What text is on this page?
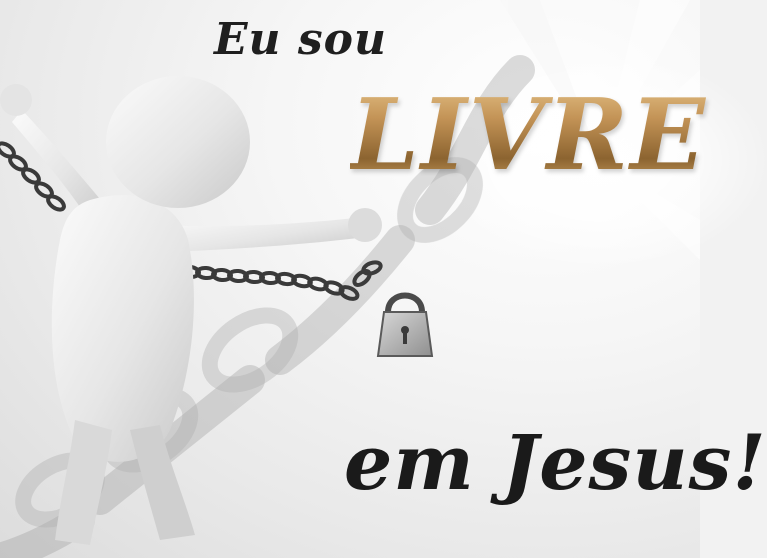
Eu sou
LIVRE
em Jesus!
